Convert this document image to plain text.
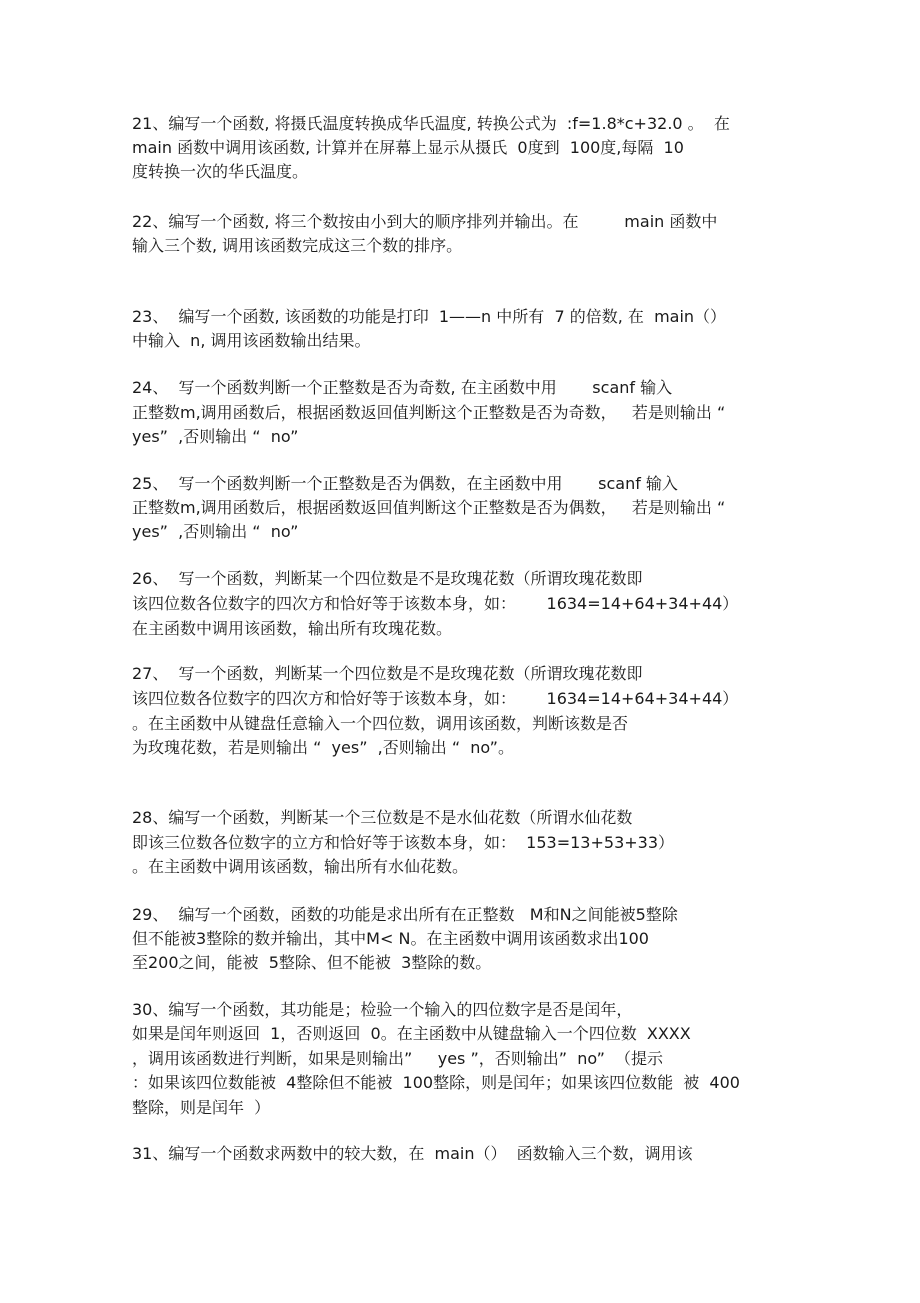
21、编写一个函数, 将摄氏温度转换成华氏温度, 转换公式为  :f=1.8*c+32.0 。  在

main 函数中调用该函数, 计算并在屏幕上显示从摄氏  0度到  100度,每隔  10

度转换一次的华氏温度。

22、编写一个函数, 将三个数按由小到大的顺序排列并输出。在         main 函数中

输入三个数, 调用该函数完成这三个数的排序。

23、  编写一个函数, 该函数的功能是打印  1——n 中所有  7 的倍数, 在  main（）

中输入  n, 调用该函数输出结果。

24、  写一个函数判断一个正整数是否为奇数, 在主函数中用       scanf 输入

正整数m,调用函数后，根据函数返回值判断这个正整数是否为奇数，   若是则输出 “

yes”  ,否则输出 “  no”

25、  写一个函数判断一个正整数是否为偶数，在主函数中用       scanf 输入

正整数m,调用函数后，根据函数返回值判断这个正整数是否为偶数，   若是则输出 “

yes”  ,否则输出 “  no”

26、  写一个函数，判断某一个四位数是不是玫瑰花数（所谓玫瑰花数即

该四位数各位数字的四次方和恰好等于该数本身，如：      1634=14+64+34+44）

在主函数中调用该函数，输出所有玫瑰花数。

27、  写一个函数，判断某一个四位数是不是玫瑰花数（所谓玫瑰花数即

该四位数各位数字的四次方和恰好等于该数本身，如：      1634=14+64+34+44）

。在主函数中从键盘任意输入一个四位数，调用该函数，判断该数是否

为玫瑰花数，若是则输出 “  yes”  ,否则输出 “  no”。

28、编写一个函数，判断某一个三位数是不是水仙花数（所谓水仙花数

即该三位数各位数字的立方和恰好等于该数本身，如：  153=13+53+33）

。在主函数中调用该函数，输出所有水仙花数。

29、  编写一个函数，函数的功能是求出所有在正整数   M和N之间能被5整除

但不能被3整除的数并输出，其中M< N。在主函数中调用该函数求出100

至200之间，能被  5整除、但不能被  3整除的数。

30、编写一个函数，其功能是；检验一个输入的四位数字是否是闰年，

如果是闰年则返回  1，否则返回  0。在主函数中从键盘输入一个四位数  XXXX

，调用该函数进行判断，如果是则输出”     yes ”，否则输出”  no”  （提示

：如果该四位数能被  4整除但不能被  100整除，则是闰年；如果该四位数能  被  400

整除，则是闰年  ）

31、编写一个函数求两数中的较大数，在  main（）  函数输入三个数，调用该
